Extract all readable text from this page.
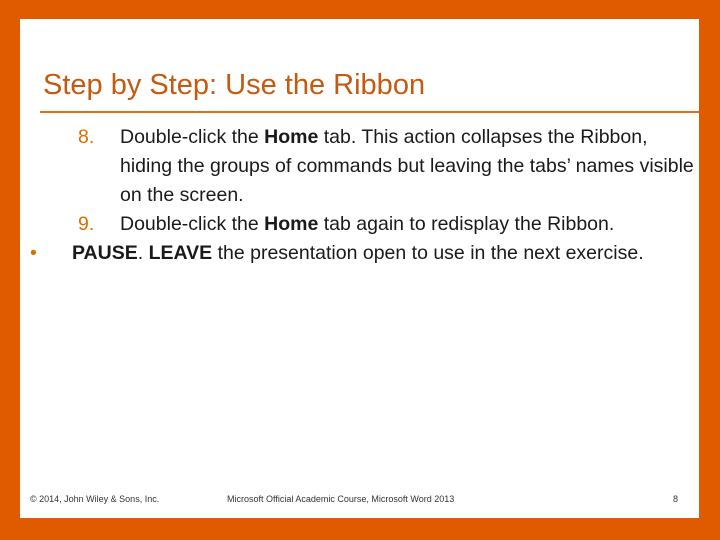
Step by Step: Use the Ribbon
8. Double-click the Home tab. This action collapses the Ribbon, hiding the groups of commands but leaving the tabs’ names visible on the screen.
9. Double-click the Home tab again to redisplay the Ribbon.
• PAUSE. LEAVE the presentation open to use in the next exercise.
© 2014, John Wiley & Sons, Inc.	Microsoft Official Academic Course, Microsoft Word 2013	8
